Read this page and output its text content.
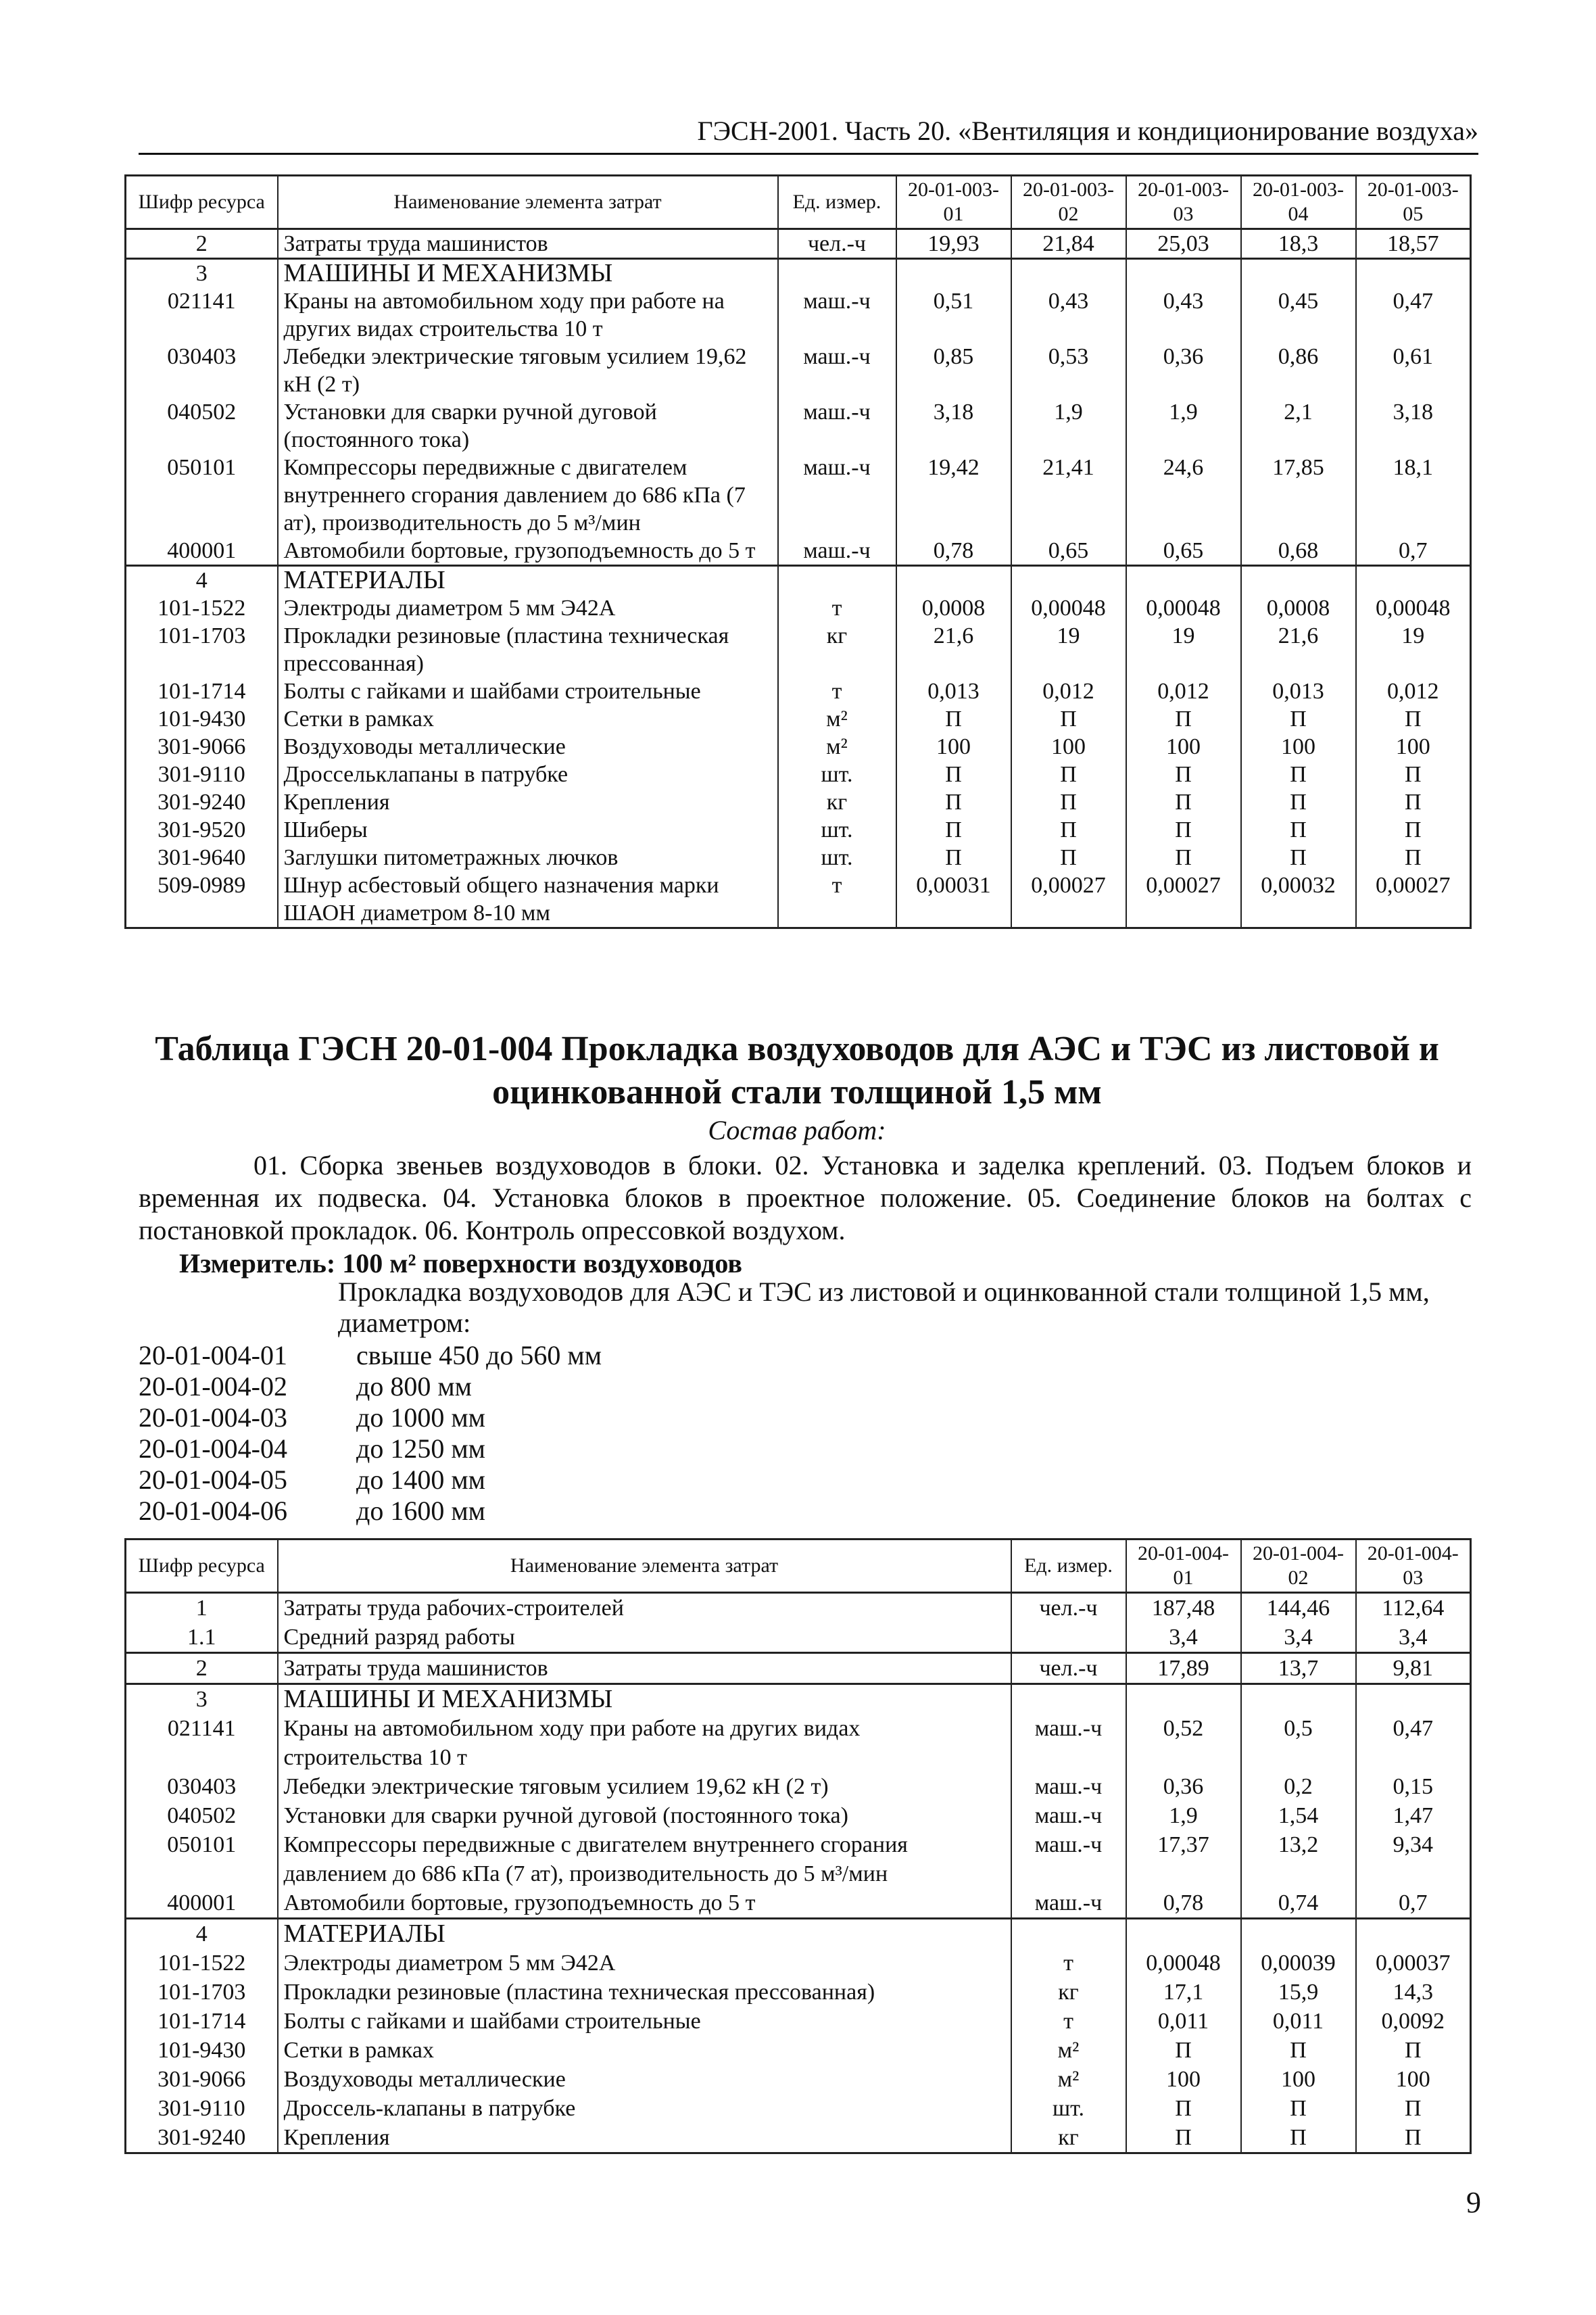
ГЭСН-2001. Часть 20. «Вентиляция и кондиционирование воздуха»
Шифр ресурса	Наименование элемента затрат	Ед. измер.	20-01-003-01	20-01-003-02	20-01-003-03	20-01-003-04	20-01-003-05
2	Затраты труда машинистов	чел.-ч	19,93	21,84	25,03	18,3	18,57
3	МАШИНЫ И МЕХАНИЗМЫ						
021141	Краны на автомобильном ходу при работе на других видах строительства 10 т	маш.-ч	0,51	0,43	0,43	0,45	0,47
030403	Лебедки электрические тяговым усилием 19,62 кН (2 т)	маш.-ч	0,85	0,53	0,36	0,86	0,61
040502	Установки для сварки ручной дуговой (постоянного тока)	маш.-ч	3,18	1,9	1,9	2,1	3,18
050101	Компрессоры передвижные с двигателем внутреннего сгорания давлением до 686 кПа (7 ат), производительность до 5 м³/мин	маш.-ч	19,42	21,41	24,6	17,85	18,1
400001	Автомобили бортовые, грузоподъемность до 5 т	маш.-ч	0,78	0,65	0,65	0,68	0,7
4	МАТЕРИАЛЫ						
101-1522	Электроды диаметром 5 мм Э42А	т	0,0008	0,00048	0,00048	0,0008	0,00048
101-1703	Прокладки резиновые (пластина техническая прессованная)	кг	21,6	19	19	21,6	19
101-1714	Болты с гайками и шайбами строительные	т	0,013	0,012	0,012	0,013	0,012
101-9430	Сетки в рамках	м²	П	П	П	П	П
301-9066	Воздуховоды металлические	м²	100	100	100	100	100
301-9110	Дроссельклапаны в патрубке	шт.	П	П	П	П	П
301-9240	Крепления	кг	П	П	П	П	П
301-9520	Шиберы	шт.	П	П	П	П	П
301-9640	Заглушки питометражных лючков	шт.	П	П	П	П	П
509-0989	Шнур асбестовый общего назначения марки ШАОН диаметром 8-10 мм	т	0,00031	0,00027	0,00027	0,00032	0,00027
Таблица ГЭСН 20-01-004 Прокладка воздуховодов для АЭС и ТЭС из листовой и
оцинкованной стали толщиной 1,5 мм
Состав работ:
01. Сборка звеньев воздуховодов в блоки. 02. Установка и заделка креплений. 03. Подъем блоков и временная их подвеска. 04. Установка блоков в проектное положение. 05. Соединение блоков на болтах с постановкой прокладок. 06. Контроль опрессовкой воздухом.
Измеритель: 100 м² поверхности воздуховодов
Прокладка воздуховодов для АЭС и ТЭС из листовой и оцинкованной стали толщиной 1,5 мм,
диаметром:
20-01-004-01	свыше 450 до 560 мм
20-01-004-02	до 800 мм
20-01-004-03	до 1000 мм
20-01-004-04	до 1250 мм
20-01-004-05	до 1400 мм
20-01-004-06	до 1600 мм
Шифр ресурса	Наименование элемента затрат	Ед. измер.	20-01-004-01	20-01-004-02	20-01-004-03
1	Затраты труда рабочих-строителей	чел.-ч	187,48	144,46	112,64
1.1	Средний разряд работы		3,4	3,4	3,4
2	Затраты труда машинистов	чел.-ч	17,89	13,7	9,81
3	МАШИНЫ И МЕХАНИЗМЫ				
021141	Краны на автомобильном ходу при работе на других видах строительства 10 т	маш.-ч	0,52	0,5	0,47
030403	Лебедки электрические тяговым усилием 19,62 кН (2 т)	маш.-ч	0,36	0,2	0,15
040502	Установки для сварки ручной дуговой (постоянного тока)	маш.-ч	1,9	1,54	1,47
050101	Компрессоры передвижные с двигателем внутреннего сгорания давлением до 686 кПа (7 ат), производительность до 5 м³/мин	маш.-ч	17,37	13,2	9,34
400001	Автомобили бортовые, грузоподъемность до 5 т	маш.-ч	0,78	0,74	0,7
4	МАТЕРИАЛЫ				
101-1522	Электроды диаметром 5 мм Э42А	т	0,00048	0,00039	0,00037
101-1703	Прокладки резиновые (пластина техническая прессованная)	кг	17,1	15,9	14,3
101-1714	Болты с гайками и шайбами строительные	т	0,011	0,011	0,0092
101-9430	Сетки в рамках	м²	П	П	П
301-9066	Воздуховоды металлические	м²	100	100	100
301-9110	Дроссель-клапаны в патрубке	шт.	П	П	П
301-9240	Крепления	кг	П	П	П
9
